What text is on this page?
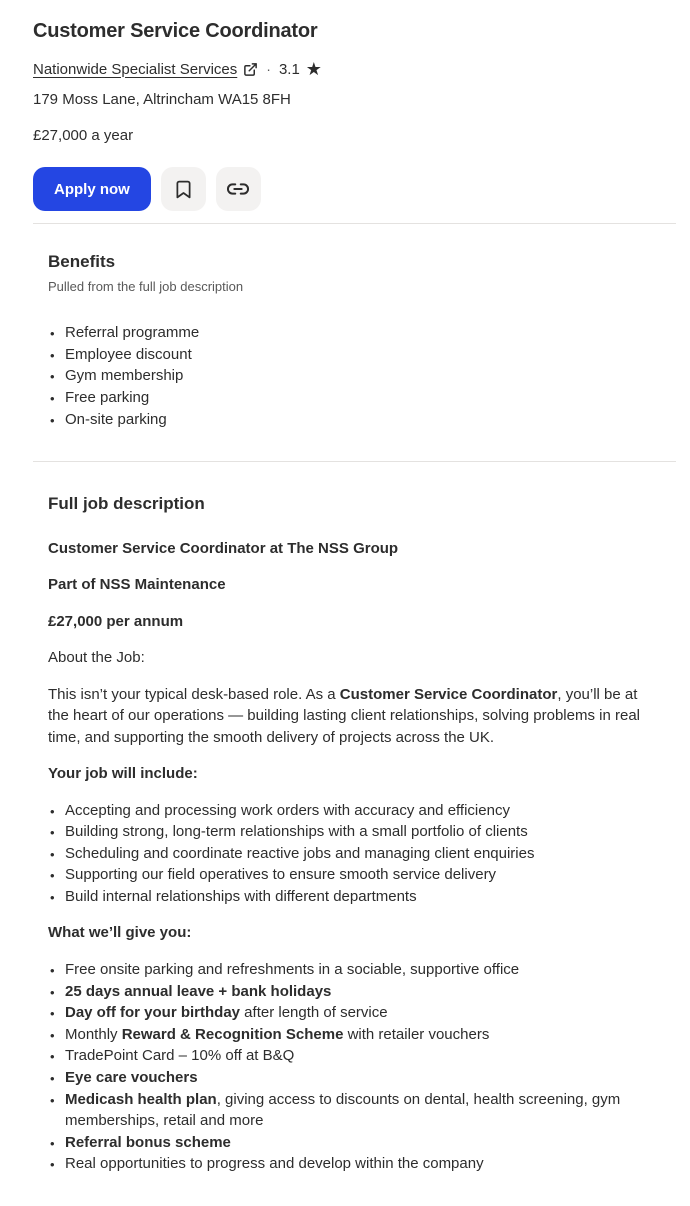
Customer Service Coordinator
Nationwide Specialist Services · 3.1 ★
179 Moss Lane, Altrincham WA15 8FH
£27,000 a year
Apply now
Benefits

Pulled from the full job description

• Referral programme
• Employee discount
• Gym membership
• Free parking
• On-site parking
Full job description

Customer Service Coordinator at The NSS Group

Part of NSS Maintenance

£27,000 per annum

About the Job:

This isn’t your typical desk-based role. As a Customer Service Coordinator, you’ll be at the heart of our operations — building lasting client relationships, solving problems in real time, and supporting the smooth delivery of projects across the UK.

Your job will include:

• Accepting and processing work orders with accuracy and efficiency
• Building strong, long-term relationships with a small portfolio of clients
• Scheduling and coordinate reactive jobs and managing client enquiries
• Supporting our field operatives to ensure smooth service delivery
• Build internal relationships with different departments

What we’ll give you:

• Free onsite parking and refreshments in a sociable, supportive office
• 25 days annual leave + bank holidays
• Day off for your birthday after length of service
• Monthly Reward & Recognition Scheme with retailer vouchers
• TradePoint Card – 10% off at B&Q
• Eye care vouchers
• Medicash health plan, giving access to discounts on dental, health screening, gym memberships, retail and more
• Referral bonus scheme
• Real opportunities to progress and develop within the company
